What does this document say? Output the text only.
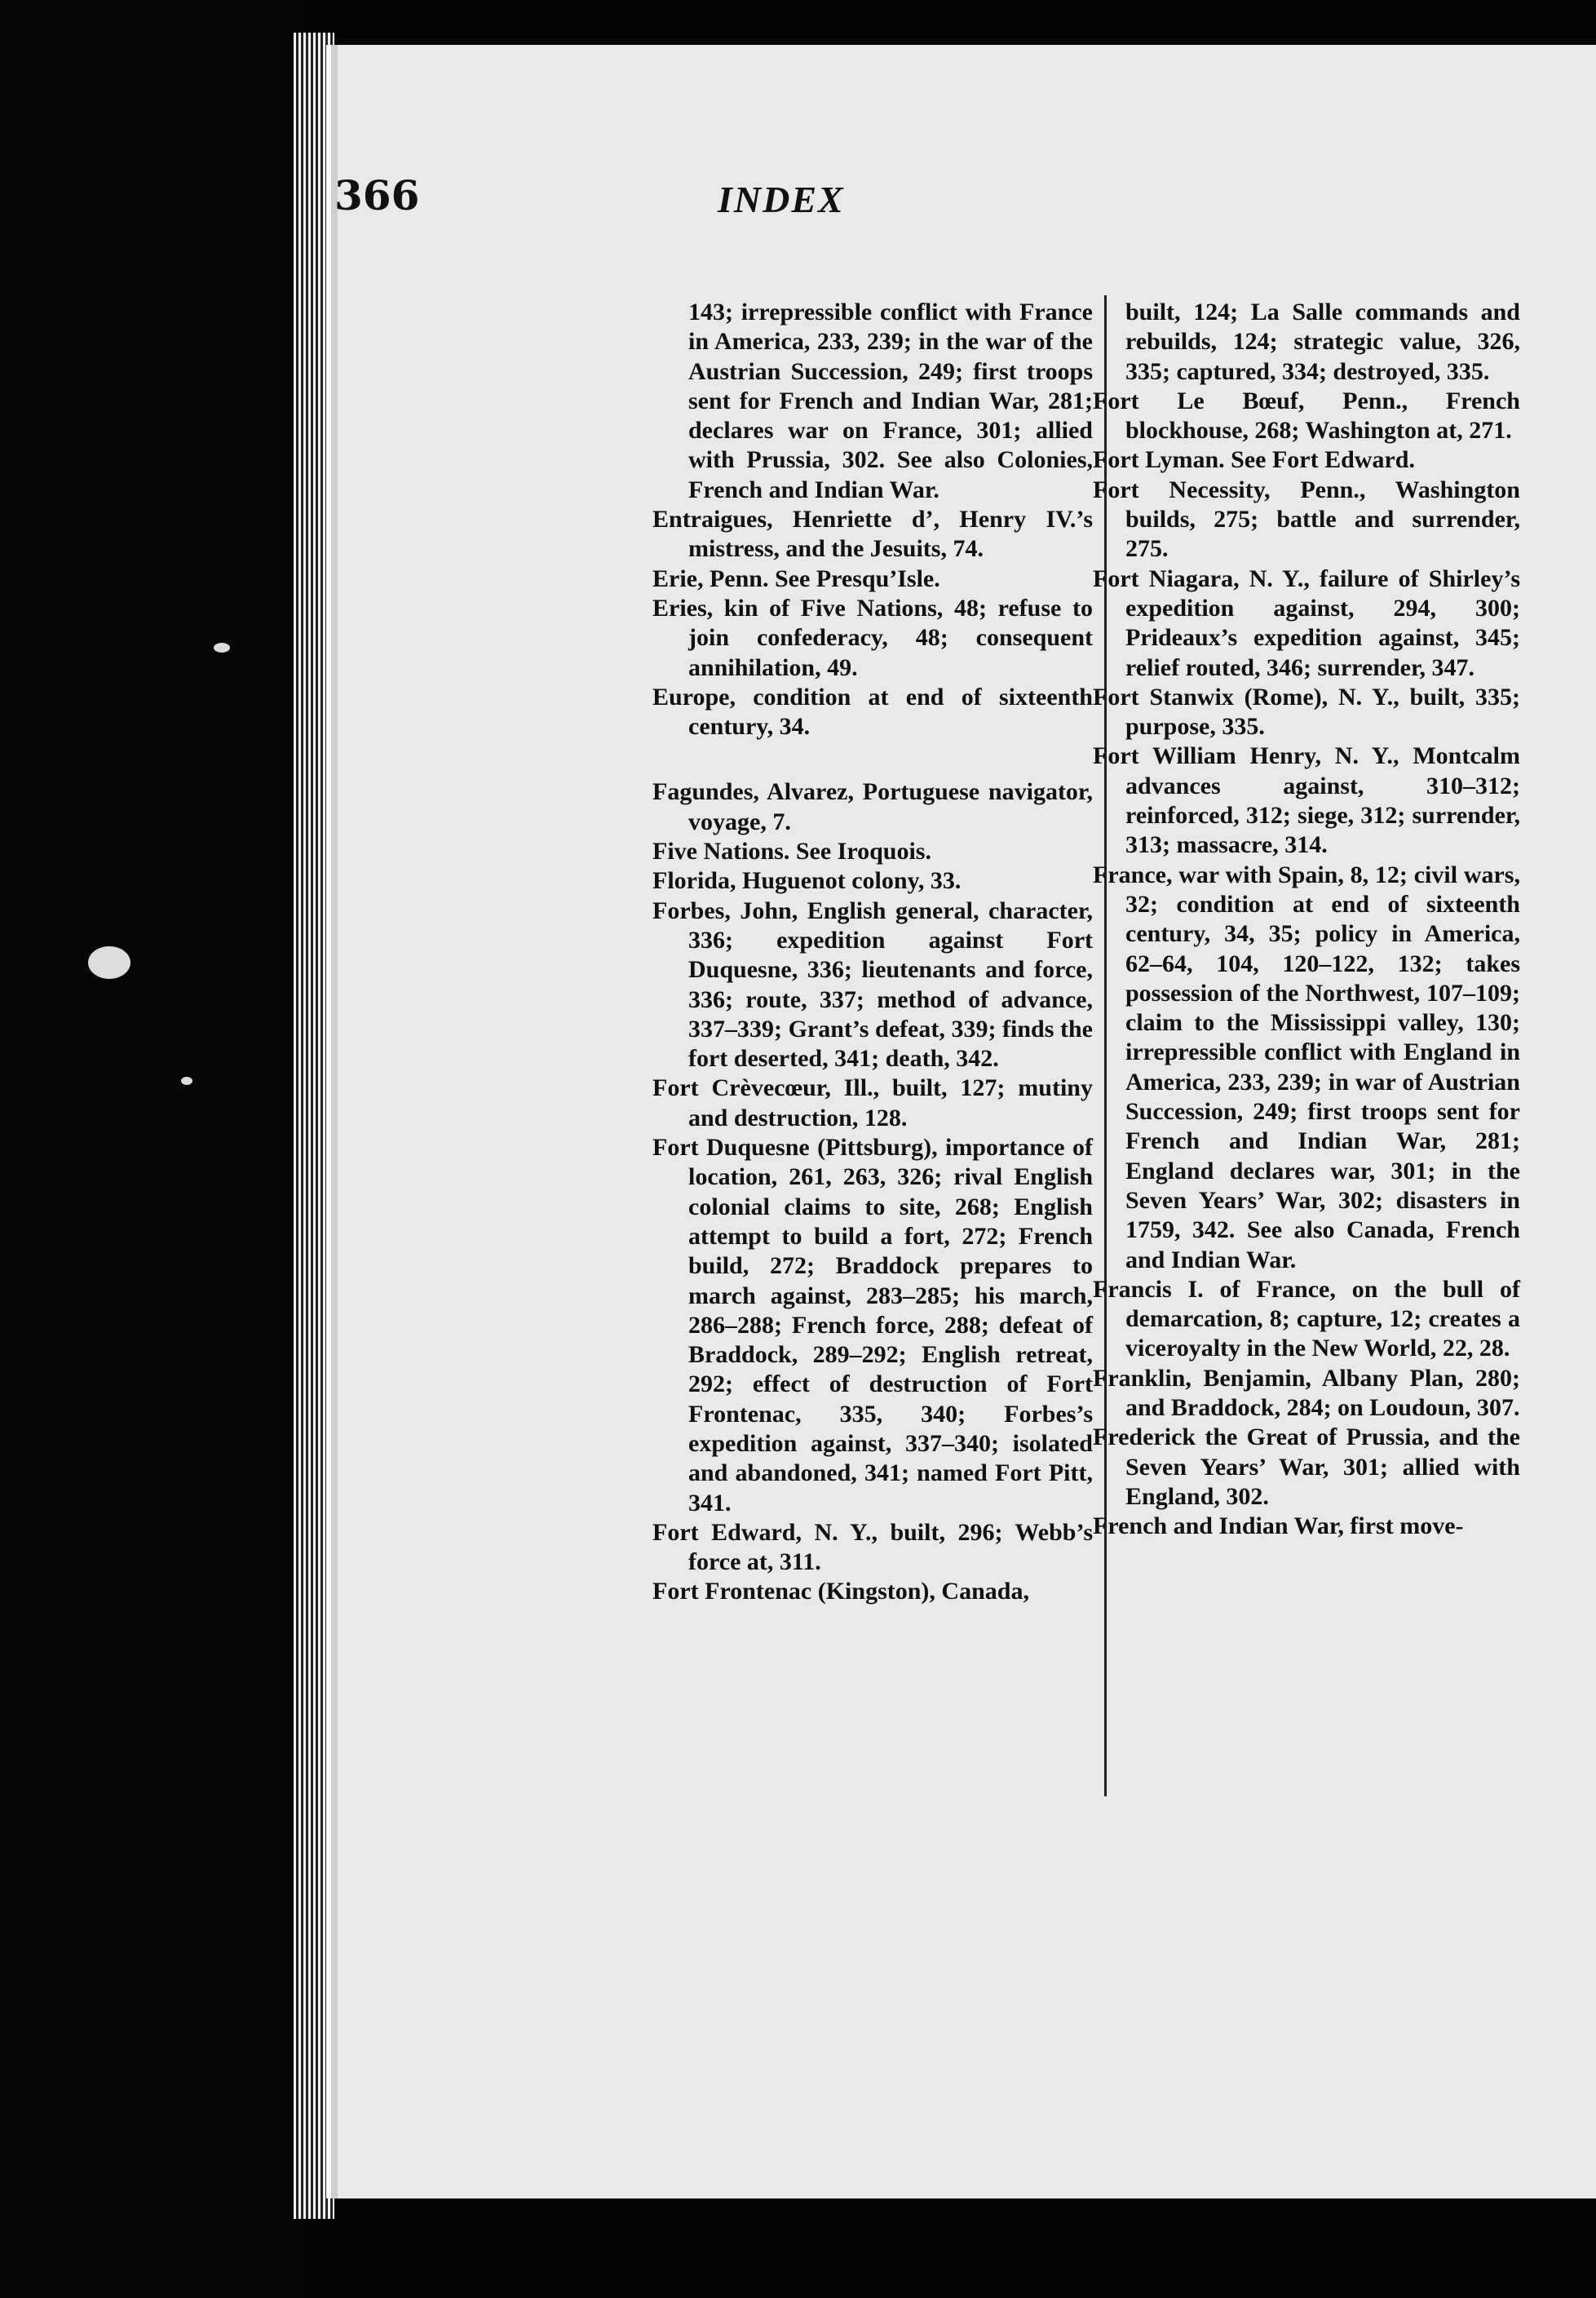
366	INDEX

143; irrepressible conflict with France in America, 233, 239; in the war of the Austrian Succession, 249; first troops sent for French and Indian War, 281; declares war on France, 301; allied with Prussia, 302. See also Colonies, French and Indian War.

Entraigues, Henriette d’, Henry IV.’s mistress, and the Jesuits, 74.

Erie, Penn. See Presqu’Isle.

Eries, kin of Five Nations, 48; refuse to join confederacy, 48; consequent annihilation, 49.

Europe, condition at end of sixteenth century, 34.

Fagundes, Alvarez, Portuguese navigator, voyage, 7.

Five Nations. See Iroquois.

Florida, Huguenot colony, 33.

Forbes, John, English general, character, 336; expedition against Fort Duquesne, 336; lieutenants and force, 336; route, 337; method of advance, 337–339; Grant’s defeat, 339; finds the fort deserted, 341; death, 342.

Fort Crèvecœur, Ill., built, 127; mutiny and destruction, 128.

Fort Duquesne (Pittsburg), importance of location, 261, 263, 326; rival English colonial claims to site, 268; English attempt to build a fort, 272; French build, 272; Braddock prepares to march against, 283–285; his march, 286–288; French force, 288; defeat of Braddock, 289–292; English retreat, 292; effect of destruction of Fort Frontenac, 335, 340; Forbes’s expedition against, 337–340; isolated and abandoned, 341; named Fort Pitt, 341.

Fort Edward, N. Y., built, 296; Webb’s force at, 311.

Fort Frontenac (Kingston), Canada,

built, 124; La Salle commands and rebuilds, 124; strategic value, 326, 335; captured, 334; destroyed, 335.

Fort Le Bœuf, Penn., French blockhouse, 268; Washington at, 271.

Fort Lyman. See Fort Edward.

Fort Necessity, Penn., Washington builds, 275; battle and surrender, 275.

Fort Niagara, N. Y., failure of Shirley’s expedition against, 294, 300; Prideaux’s expedition against, 345; relief routed, 346; surrender, 347.

Fort Stanwix (Rome), N. Y., built, 335; purpose, 335.

Fort William Henry, N. Y., Montcalm advances against, 310–312; reinforced, 312; siege, 312; surrender, 313; massacre, 314.

France, war with Spain, 8, 12; civil wars, 32; condition at end of sixteenth century, 34, 35; policy in America, 62–64, 104, 120–122, 132; takes possession of the Northwest, 107–109; claim to the Mississippi valley, 130; irrepressible conflict with England in America, 233, 239; in war of Austrian Succession, 249; first troops sent for French and Indian War, 281; England declares war, 301; in the Seven Years’ War, 302; disasters in 1759, 342. See also Canada, French and Indian War.

Francis I. of France, on the bull of demarcation, 8; capture, 12; creates a viceroyalty in the New World, 22, 28.

Franklin, Benjamin, Albany Plan, 280; and Braddock, 284; on Loudoun, 307.

Frederick the Great of Prussia, and the Seven Years’ War, 301; allied with England, 302.

French and Indian War, first move-
